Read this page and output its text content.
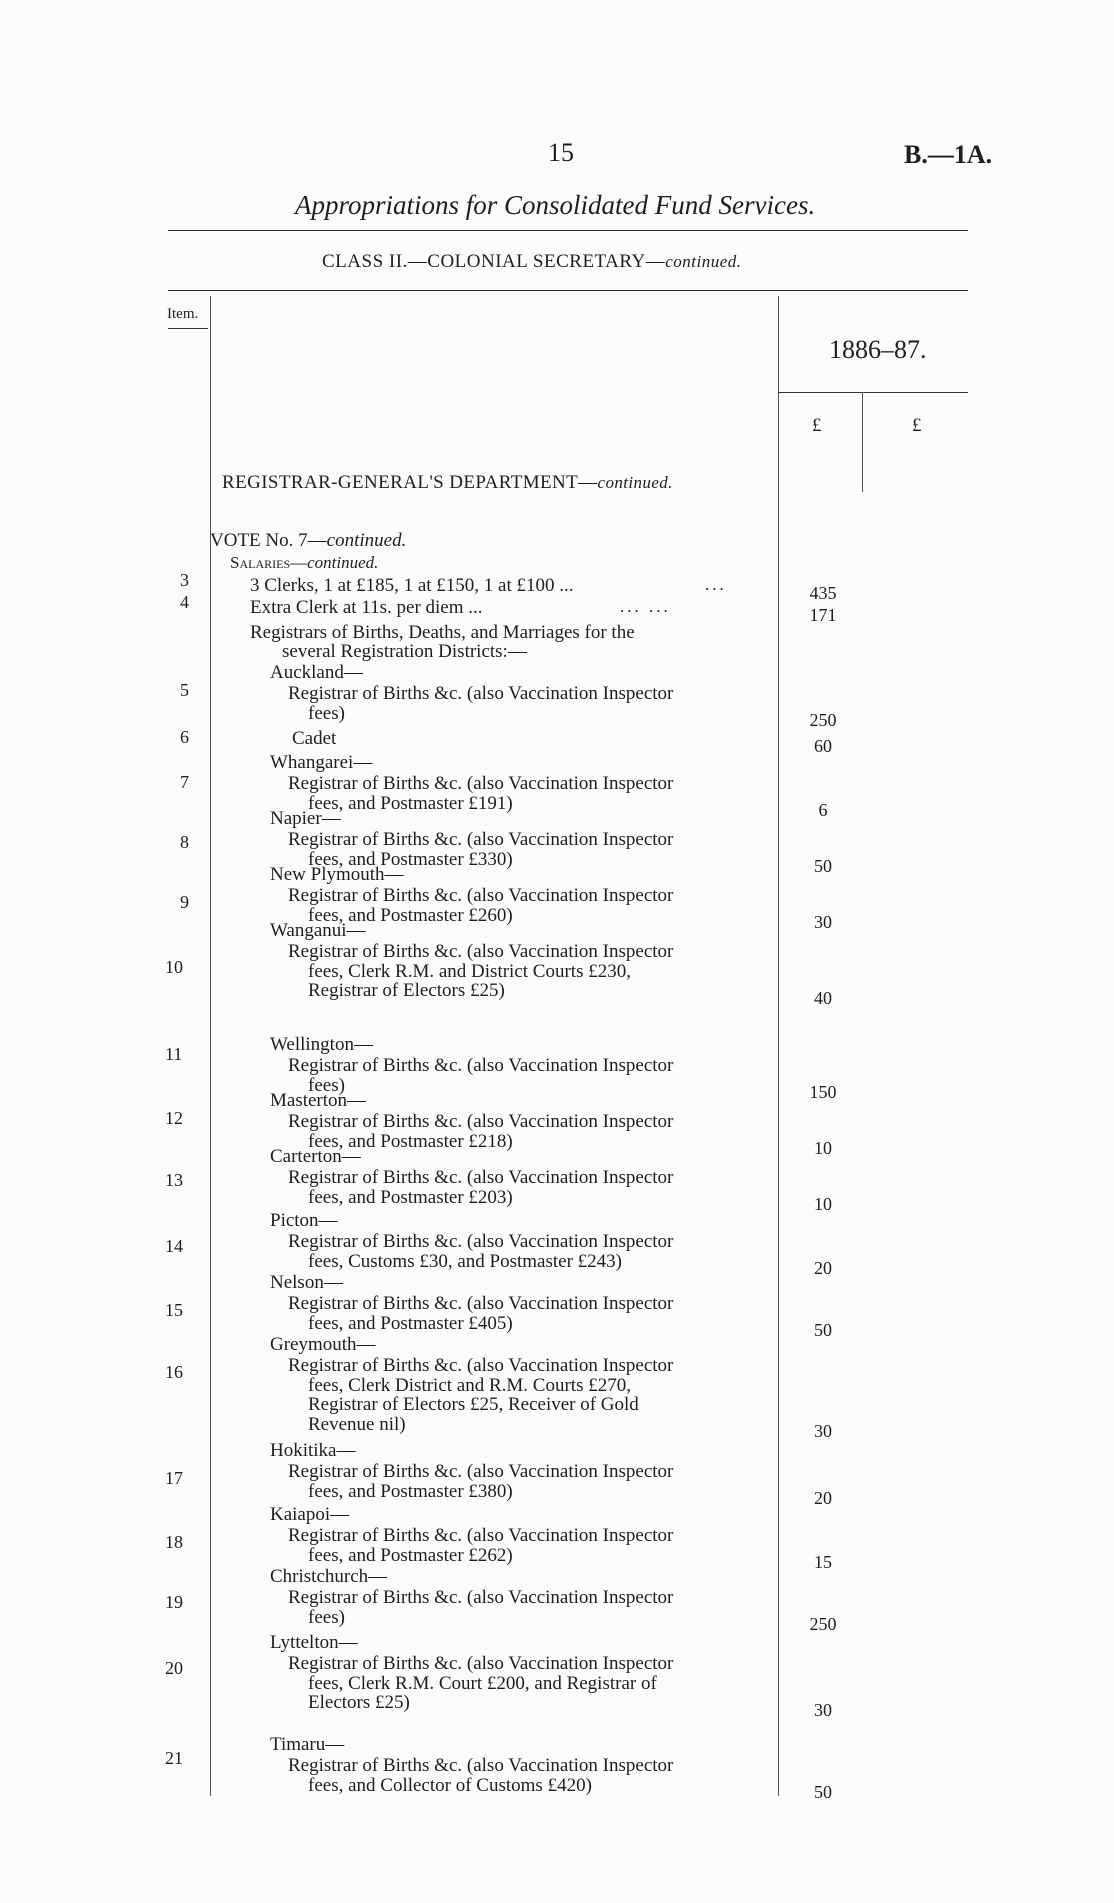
15	B.—1A.
Appropriations for Consolidated Fund Services.
CLASS II.—COLONIAL SECRETARY—continued.
Item.
1886–87.
£	£
REGISTRAR-GENERAL'S DEPARTMENT—continued.
VOTE No. 7—continued.
Salaries—continued.
3	3 Clerks, 1 at £185, 1 at £150, 1 at £100 ...	...	435
4	Extra Clerk at 11s. per diem ...	... ...	171
Registrars of Births, Deaths, and Marriages for the
several Registration Districts:—
5
Auckland—
Registrar of Births &c. (also Vaccination Inspector
fees)	250
6	Cadet	60
7
Whangarei—
Registrar of Births &c. (also Vaccination Inspector
fees, and Postmaster £191)	6
8
Napier—
Registrar of Births &c. (also Vaccination Inspector
fees, and Postmaster £330)	50
9
New Plymouth—
Registrar of Births &c. (also Vaccination Inspector
fees, and Postmaster £260)	30
10
Wanganui—
Registrar of Births &c. (also Vaccination Inspector
fees, Clerk R.M. and District Courts £230,
Registrar of Electors £25)	40
11	Wellington—
Registrar of Births &c. (also Vaccination Inspector
fees)	150
12
Masterton—
Registrar of Births &c. (also Vaccination Inspector
fees, and Postmaster £218)	10
13
Carterton—
Registrar of Births &c. (also Vaccination Inspector
fees, and Postmaster £203)	10
14
Picton—
Registrar of Births &c. (also Vaccination Inspector
fees, Customs £30, and Postmaster £243)	20
15
Nelson—
Registrar of Births &c. (also Vaccination Inspector
fees, and Postmaster £405)	50
16
Greymouth—
Registrar of Births &c. (also Vaccination Inspector
fees, Clerk District and R.M. Courts £270,
Registrar of Electors £25, Receiver of Gold
Revenue nil)	30
17
Hokitika—
Registrar of Births &c. (also Vaccination Inspector
fees, and Postmaster £380)	20
18
Kaiapoi—
Registrar of Births &c. (also Vaccination Inspector
fees, and Postmaster £262)	15
19
Christchurch—
Registrar of Births &c. (also Vaccination Inspector
fees)	250
20
Lyttelton—
Registrar of Births &c. (also Vaccination Inspector
fees, Clerk R.M. Court £200, and Registrar of
Electors £25)	30
21
Timaru—
Registrar of Births &c. (also Vaccination Inspector
fees, and Collector of Customs £420)	50
